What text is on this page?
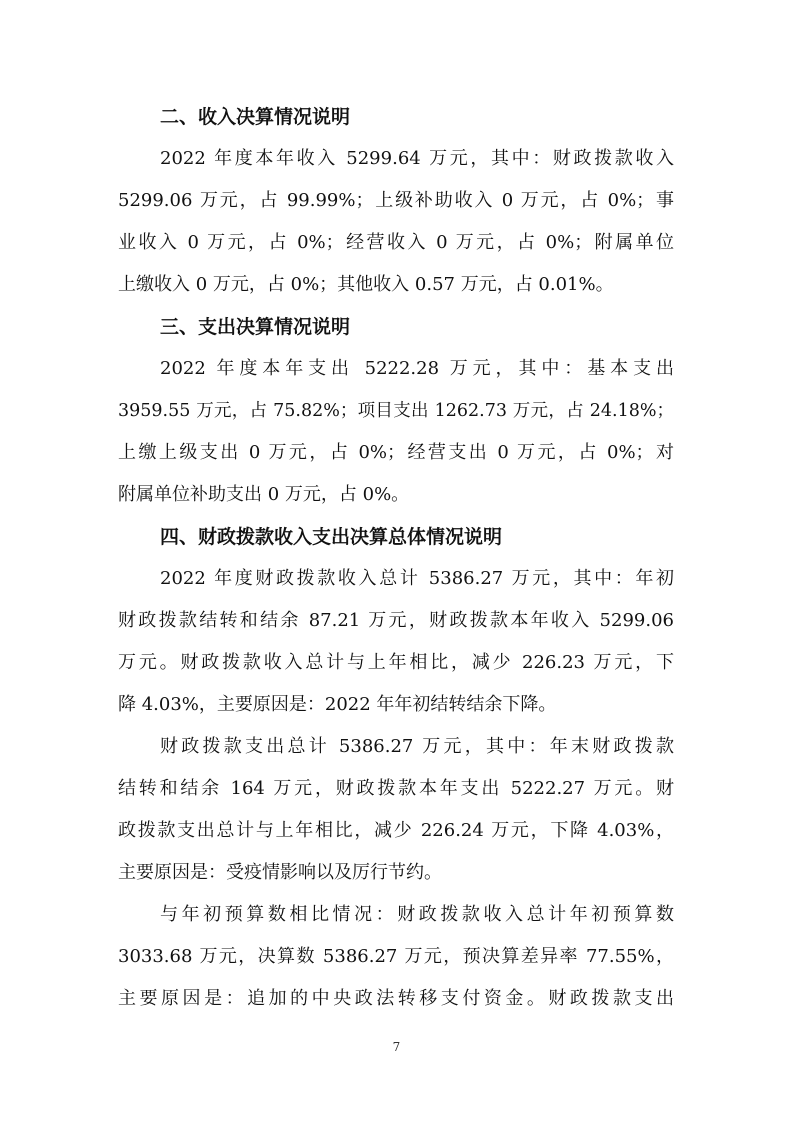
二、收入决算情况说明

2022 年度本年收入 5299.64 万元，其中：财政拨款收入
5299.06 万元，占 99.99%；上级补助收入 0 万元，占 0%；事
业收入 0 万元，占 0%；经营收入 0 万元，占 0%；附属单位
上缴收入 0 万元，占 0%；其他收入 0.57 万元，占 0.01%。

三、支出决算情况说明

2022 年度本年支出 5222.28 万元，其中：基本支出
3959.55 万元，占 75.82%；项目支出 1262.73 万元，占 24.18%；
上缴上级支出 0 万元，占 0%；经营支出 0 万元，占 0%；对
附属单位补助支出 0 万元，占 0%。

四、财政拨款收入支出决算总体情况说明

2022 年度财政拨款收入总计 5386.27 万元，其中：年初
财政拨款结转和结余 87.21 万元，财政拨款本年收入 5299.06
万元。财政拨款收入总计与上年相比，减少 226.23 万元，下
降 4.03%，主要原因是：2022 年年初结转结余下降。

财政拨款支出总计 5386.27 万元，其中：年末财政拨款
结转和结余 164 万元，财政拨款本年支出 5222.27 万元。财
政拨款支出总计与上年相比，减少 226.24 万元，下降 4.03%，
主要原因是：受疫情影响以及厉行节约。

与年初预算数相比情况：财政拨款收入总计年初预算数
3033.68 万元，决算数 5386.27 万元，预决算差异率 77.55%，
主要原因是：追加的中央政法转移支付资金。财政拨款支出

7
